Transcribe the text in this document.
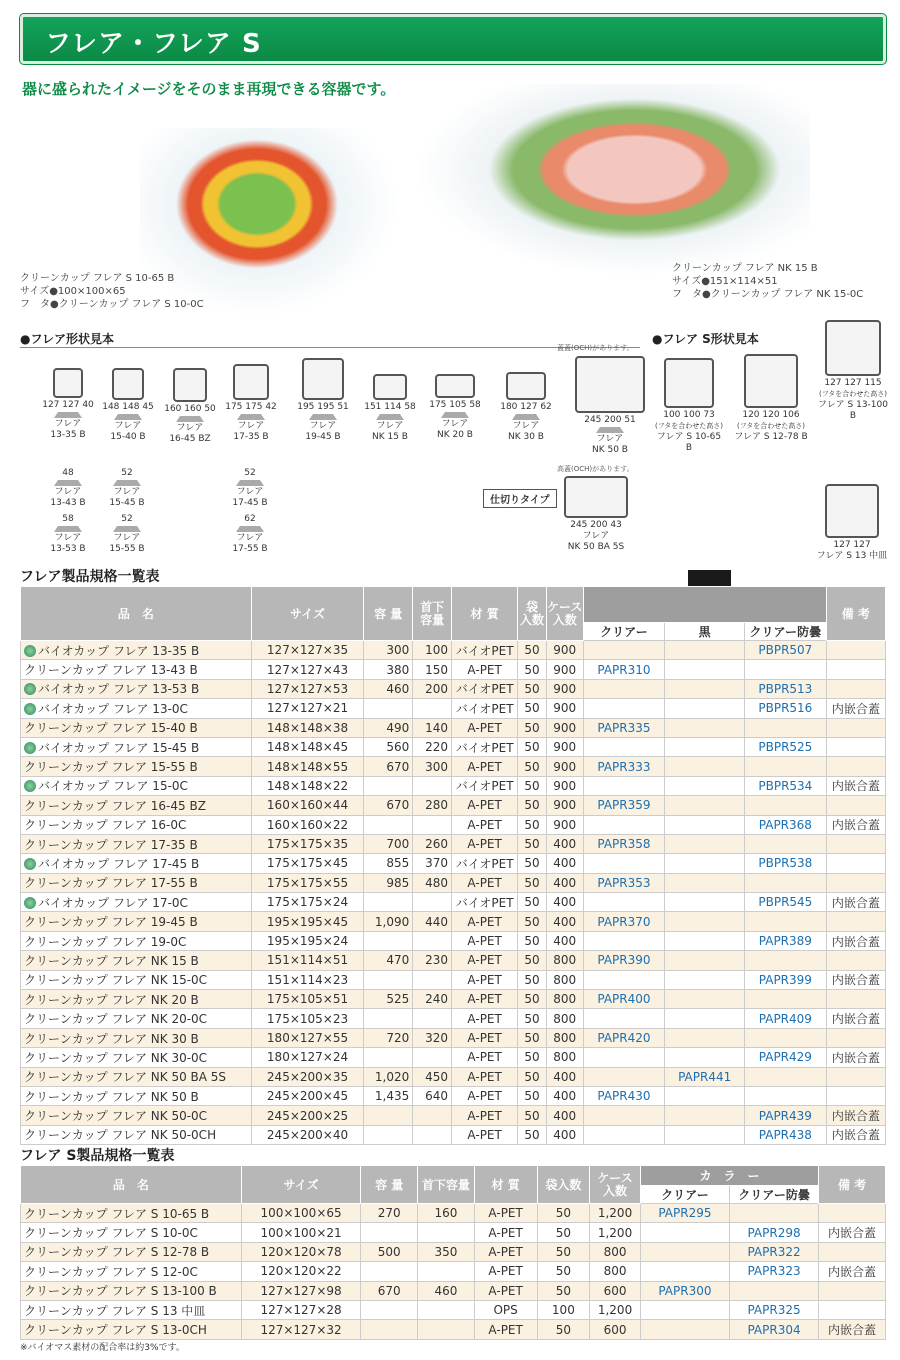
フレア・フレア S
器に盛られたイメージをそのまま再現できる容器です。
クリーンカップ フレア S 10-65 B
サイズ●100×100×65
フ　タ●クリーンカップ フレア S 10-0C
クリーンカップ フレア NK 15 B
サイズ●151×114×51
フ　タ●クリーンカップ フレア NK 15-0C
●フレア形状見本	●フレア S形状見本
蓋蓋(OCH)があります。
高蓋(OCH)があります。
仕切りタイプ
245 200 43
フレア
NK 50 BA 5S
フレア製品規格一覧表
品　名	サイズ	容 量	首下
容量	材 質	袋
入数	ケース
入数				備 考
							クリアー	黒	クリアー防曇	
バイオカップ フレア 13-35 B	127×127×35	300	100	バイオPET	50	900			PBPR507	
クリーンカップ フレア 13-43 B	127×127×43	380	150	A-PET	50	900	PAPR310			
バイオカップ フレア 13-53 B	127×127×53	460	200	バイオPET	50	900			PBPR513	
バイオカップ フレア 13-0C	127×127×21			バイオPET	50	900			PBPR516	内嵌合蓋
クリーンカップ フレア 15-40 B	148×148×38	490	140	A-PET	50	900	PAPR335			
バイオカップ フレア 15-45 B	148×148×45	560	220	バイオPET	50	900			PBPR525	
クリーンカップ フレア 15-55 B	148×148×55	670	300	A-PET	50	900	PAPR333			
バイオカップ フレア 15-0C	148×148×22			バイオPET	50	900			PBPR534	内嵌合蓋
クリーンカップ フレア 16-45 BZ	160×160×44	670	280	A-PET	50	900	PAPR359			
クリーンカップ フレア 16-0C	160×160×22			A-PET	50	900			PAPR368	内嵌合蓋
クリーンカップ フレア 17-35 B	175×175×35	700	260	A-PET	50	400	PAPR358			
バイオカップ フレア 17-45 B	175×175×45	855	370	バイオPET	50	400			PBPR538	
クリーンカップ フレア 17-55 B	175×175×55	985	480	A-PET	50	400	PAPR353			
バイオカップ フレア 17-0C	175×175×24			バイオPET	50	400			PBPR545	内嵌合蓋
クリーンカップ フレア 19-45 B	195×195×45	1,090	440	A-PET	50	400	PAPR370			
クリーンカップ フレア 19-0C	195×195×24			A-PET	50	400			PAPR389	内嵌合蓋
クリーンカップ フレア NK 15 B	151×114×51	470	230	A-PET	50	800	PAPR390			
クリーンカップ フレア NK 15-0C	151×114×23			A-PET	50	800			PAPR399	内嵌合蓋
クリーンカップ フレア NK 20 B	175×105×51	525	240	A-PET	50	800	PAPR400			
クリーンカップ フレア NK 20-0C	175×105×23			A-PET	50	800			PAPR409	内嵌合蓋
クリーンカップ フレア NK 30 B	180×127×55	720	320	A-PET	50	800	PAPR420			
クリーンカップ フレア NK 30-0C	180×127×24			A-PET	50	800			PAPR429	内嵌合蓋
クリーンカップ フレア NK 50 BA 5S	245×200×35	1,020	450	A-PET	50	400		PAPR441		
クリーンカップ フレア NK 50 B	245×200×45	1,435	640	A-PET	50	400	PAPR430			
クリーンカップ フレア NK 50-0C	245×200×25			A-PET	50	400			PAPR439	内嵌合蓋
クリーンカップ フレア NK 50-0CH	245×200×40			A-PET	50	400			PAPR438	内嵌合蓋
フレア S製品規格一覧表
品　名	サイズ	容 量	首下容量	材 質	袋入数	ケース
入数	カ　ラ　ー		備 考
							クリアー	クリアー防曇	
クリーンカップ フレア S 10-65 B	100×100×65	270	160	A-PET	50	1,200	PAPR295		
クリーンカップ フレア S 10-0C	100×100×21			A-PET	50	1,200		PAPR298	内嵌合蓋
クリーンカップ フレア S 12-78 B	120×120×78	500	350	A-PET	50	800		PAPR322	
クリーンカップ フレア S 12-0C	120×120×22			A-PET	50	800		PAPR323	内嵌合蓋
クリーンカップ フレア S 13-100 B	127×127×98	670	460	A-PET	50	600	PAPR300		
クリーンカップ フレア S 13 中皿	127×127×28			OPS	100	1,200		PAPR325	
クリーンカップ フレア S 13-0CH	127×127×32			A-PET	50	600		PAPR304	内嵌合蓋
※バイオマス素材の配合率は約3%です。
127 127 40
フレア
13-35 B
148 148 45
フレア
15-40 B
160 160 50
フレア
16-45 BZ
175 175 42
フレア
17-35 B
195 195 51
フレア
19-45 B
151 114 58
フレア
NK 15 B
175 105 58
フレア
NK 20 B
180 127 62
フレア
NK 30 B
245 200 51
フレア
NK 50 B
48
フレア
13-43 B
52
フレア
15-45 B
52
フレア
17-45 B
58
フレア
13-53 B
52
フレア
15-55 B
62
フレア
17-55 B
100 100 73
(フタを合わせた高さ)
フレア S 10-65 B
120 120 106
(フタを合わせた高さ)
フレア S 12-78 B
127 127 115
(フタを合わせた高さ)
フレア S 13-100 B
127 127
フレア S 13 中皿
